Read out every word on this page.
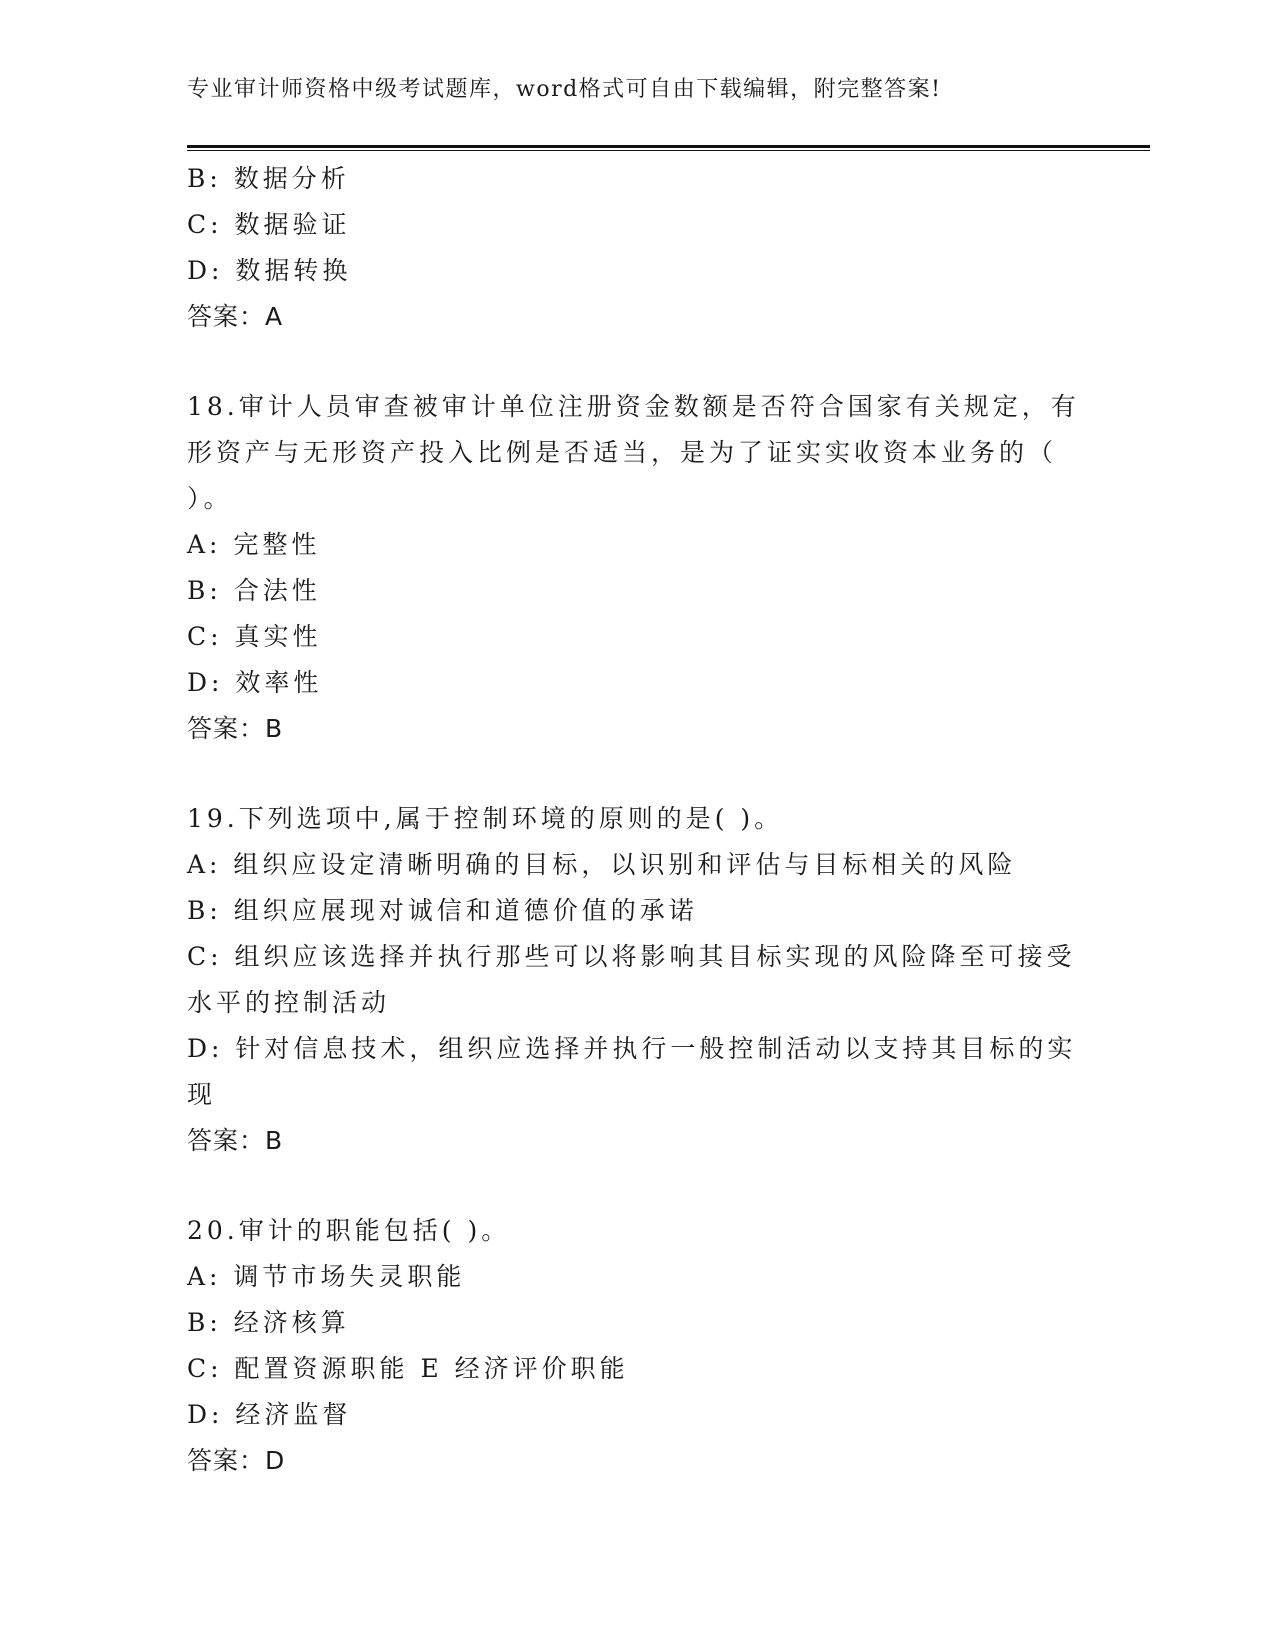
专业审计师资格中级考试题库，word格式可自由下载编辑，附完整答案!
B: 数据分析
C: 数据验证
D: 数据转换
答案：A
18.审计人员审查被审计单位注册资金数额是否符合国家有关规定，有
形资产与无形资产投入比例是否适当，是为了证实实收资本业务的（
）。
A: 完整性
B: 合法性
C: 真实性
D: 效率性
答案：B
19.下列选项中,属于控制环境的原则的是( )。
A: 组织应设定清晰明确的目标，以识别和评估与目标相关的风险
B: 组织应展现对诚信和道德价值的承诺
C: 组织应该选择并执行那些可以将影响其目标实现的风险降至可接受
水平的控制活动
D: 针对信息技术，组织应选择并执行一般控制活动以支持其目标的实
现
答案：B
20.审计的职能包括( )。
A: 调节市场失灵职能
B: 经济核算
C: 配置资源职能 E 经济评价职能
D: 经济监督
答案：D
